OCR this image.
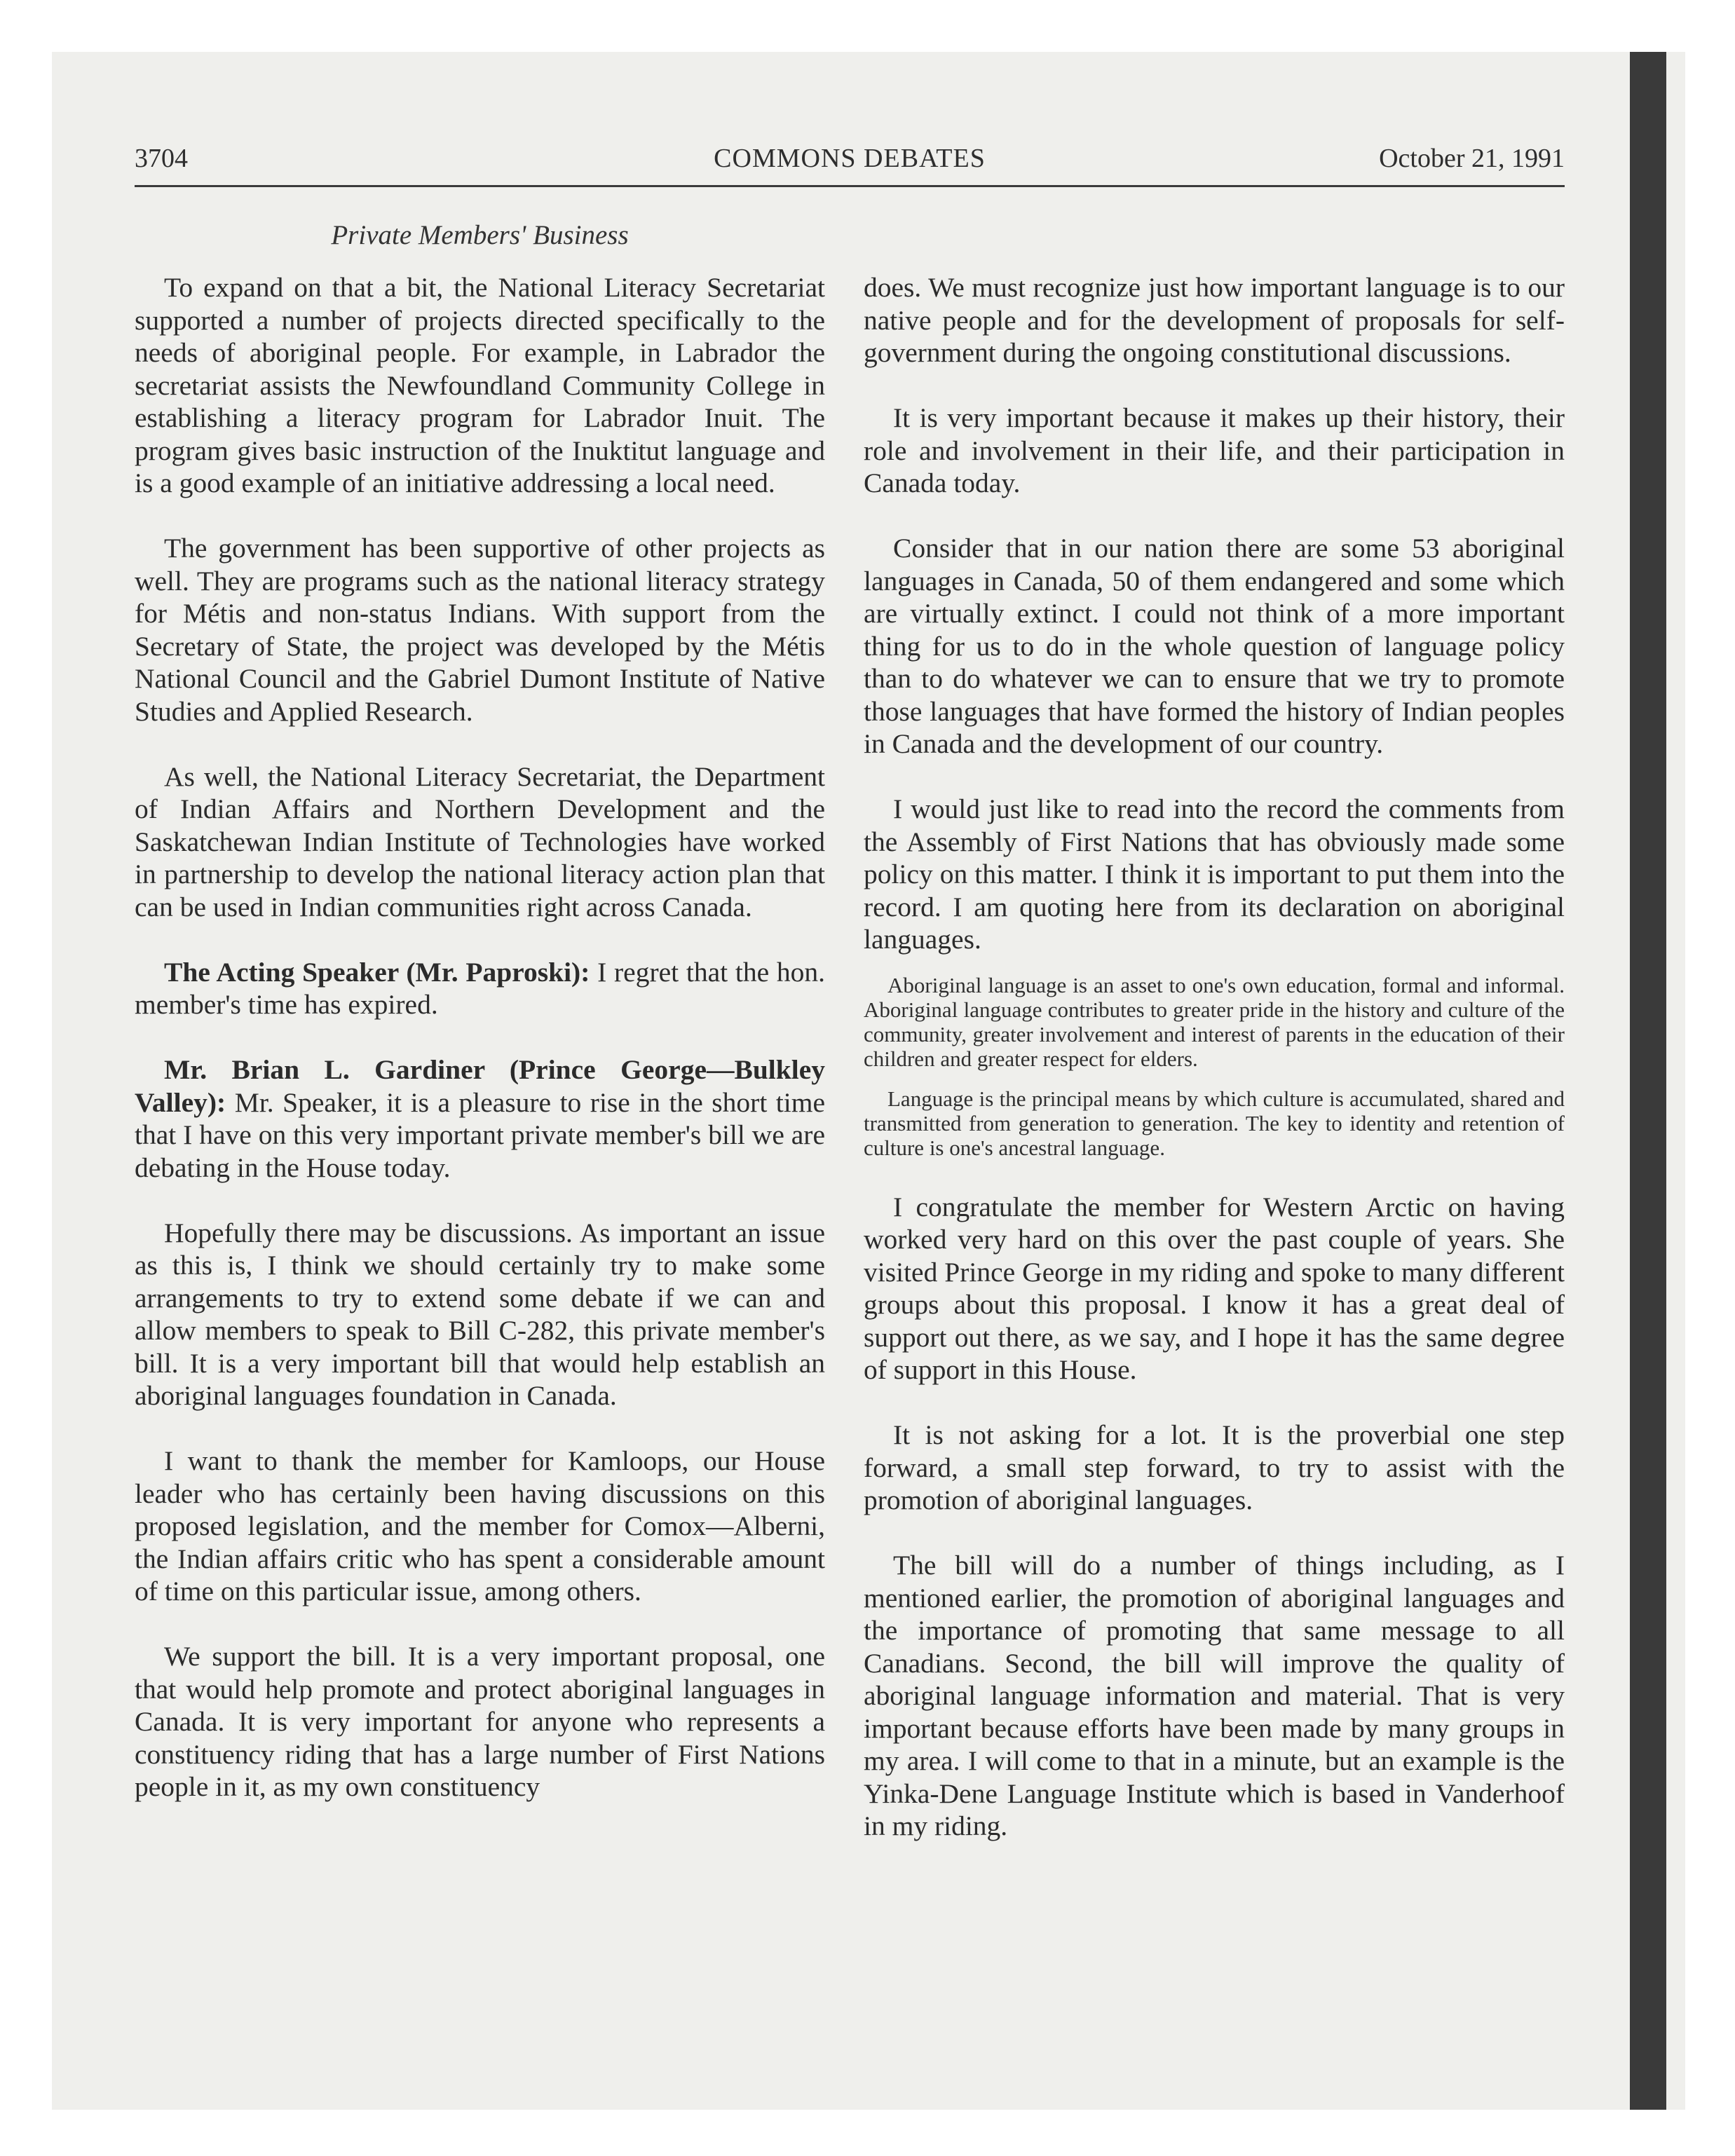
3704	COMMONS DEBATES	October 21, 1991
Private Members' Business

To expand on that a bit, the National Literacy Secretariat supported a number of projects directed specifically to the needs of aboriginal people. For example, in Labrador the secretariat assists the Newfoundland Community College in establishing a literacy program for Labrador Inuit. The program gives basic instruction of the Inuktitut language and is a good example of an initiative addressing a local need.

The government has been supportive of other projects as well. They are programs such as the national literacy strategy for Métis and non-status Indians. With support from the Secretary of State, the project was developed by the Métis National Council and the Gabriel Dumont Institute of Native Studies and Applied Research.

As well, the National Literacy Secretariat, the Department of Indian Affairs and Northern Development and the Saskatchewan Indian Institute of Technologies have worked in partnership to develop the national literacy action plan that can be used in Indian communities right across Canada.

The Acting Speaker (Mr. Paproski): I regret that the hon. member's time has expired.

Mr. Brian L. Gardiner (Prince George—Bulkley Valley): Mr. Speaker, it is a pleasure to rise in the short time that I have on this very important private member's bill we are debating in the House today.

Hopefully there may be discussions. As important an issue as this is, I think we should certainly try to make some arrangements to try to extend some debate if we can and allow members to speak to Bill C-282, this private member's bill. It is a very important bill that would help establish an aboriginal languages foundation in Canada.

I want to thank the member for Kamloops, our House leader who has certainly been having discussions on this proposed legislation, and the member for Comox—Alberni, the Indian affairs critic who has spent a considerable amount of time on this particular issue, among others.

We support the bill. It is a very important proposal, one that would help promote and protect aboriginal languages in Canada. It is very important for anyone who represents a constituency riding that has a large number of First Nations people in it, as my own constituency

does. We must recognize just how important language is to our native people and for the development of proposals for self-government during the ongoing constitutional discussions.

It is very important because it makes up their history, their role and involvement in their life, and their participation in Canada today.

Consider that in our nation there are some 53 aboriginal languages in Canada, 50 of them endangered and some which are virtually extinct. I could not think of a more important thing for us to do in the whole question of language policy than to do whatever we can to ensure that we try to promote those languages that have formed the history of Indian peoples in Canada and the development of our country.

I would just like to read into the record the comments from the Assembly of First Nations that has obviously made some policy on this matter. I think it is important to put them into the record. I am quoting here from its declaration on aboriginal languages.

Aboriginal language is an asset to one's own education, formal and informal. Aboriginal language contributes to greater pride in the history and culture of the community, greater involvement and interest of parents in the education of their children and greater respect for elders.

Language is the principal means by which culture is accumulated, shared and transmitted from generation to generation. The key to identity and retention of culture is one's ancestral language.

I congratulate the member for Western Arctic on having worked very hard on this over the past couple of years. She visited Prince George in my riding and spoke to many different groups about this proposal. I know it has a great deal of support out there, as we say, and I hope it has the same degree of support in this House.

It is not asking for a lot. It is the proverbial one step forward, a small step forward, to try to assist with the promotion of aboriginal languages.

The bill will do a number of things including, as I mentioned earlier, the promotion of aboriginal languages and the importance of promoting that same message to all Canadians. Second, the bill will improve the quality of aboriginal language information and material. That is very important because efforts have been made by many groups in my area. I will come to that in a minute, but an example is the Yinka-Dene Language Institute which is based in Vanderhoof in my riding.
